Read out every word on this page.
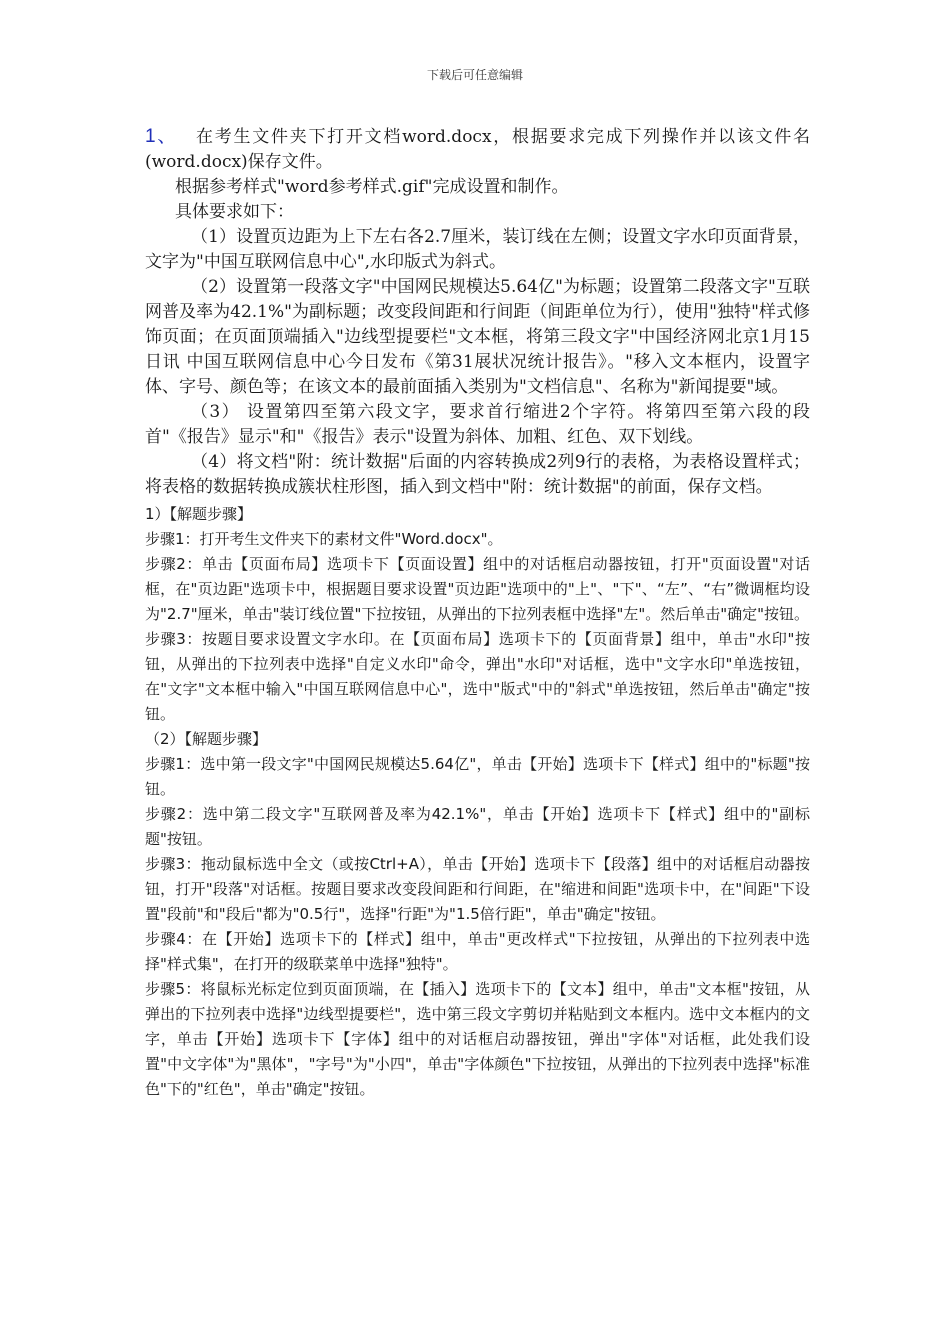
下载后可任意编辑

1、 在考生文件夹下打开文档word.docx，根据要求完成下列操作并以该文件名(word.docx)保存文件。

根据参考样式"word参考样式.gif"完成设置和制作。

具体要求如下：

（1）设置页边距为上下左右各2.7厘米，装订线在左侧；设置文字水印页面背景，文字为"中国互联网信息中心",水印版式为斜式。

（2）设置第一段落文字"中国网民规模达5.64亿"为标题；设置第二段落文字"互联网普及率为42.1%"为副标题；改变段间距和行间距（间距单位为行），使用"独特"样式修饰页面；在页面顶端插入"边线型提要栏"文本框，将第三段文字"中国经济网北京1月15日讯 中国互联网信息中心今日发布《第31展状况统计报告》。"移入文本框内，设置字体、字号、颜色等；在该文本的最前面插入类别为"文档信息"、名称为"新闻提要"域。

（3） 设置第四至第六段文字，要求首行缩进2个字符。将第四至第六段的段首"《报告》显示"和"《报告》表示"设置为斜体、加粗、红色、双下划线。

（4）将文档"附：统计数据"后面的内容转换成2列9行的表格，为表格设置样式；将表格的数据转换成簇状柱形图，插入到文档中"附：统计数据"的前面，保存文档。

1）【解题步骤】

步骤1：打开考生文件夹下的素材文件"Word.docx"。

步骤2：单击【页面布局】选项卡下【页面设置】组中的对话框启动器按钮，打开"页面设置"对话框，在"页边距"选项卡中，根据题目要求设置"页边距"选项中的"上"、"下"、“左”、“右”微调框均设为"2.7"厘米，单击"装订线位置"下拉按钮，从弹出的下拉列表框中选择"左"。然后单击"确定"按钮。

步骤3：按题目要求设置文字水印。在【页面布局】选项卡下的【页面背景】组中，单击"水印"按钮，从弹出的下拉列表中选择"自定义水印"命令，弹出"水印"对话框，选中"文字水印"单选按钮，在"文字"文本框中输入"中国互联网信息中心"，选中"版式"中的"斜式"单选按钮，然后单击"确定"按钮。

（2）【解题步骤】

步骤1：选中第一段文字"中国网民规模达5.64亿"，单击【开始】选项卡下【样式】组中的"标题"按钮。

步骤2：选中第二段文字"互联网普及率为42.1%"，单击【开始】选项卡下【样式】组中的"副标题"按钮。

步骤3：拖动鼠标选中全文（或按Ctrl+A），单击【开始】选项卡下【段落】组中的对话框启动器按钮，打开"段落"对话框。按题目要求改变段间距和行间距，在"缩进和间距"选项卡中，在"间距"下设置"段前"和"段后"都为"0.5行"，选择"行距"为"1.5倍行距"，单击"确定"按钮。

步骤4：在【开始】选项卡下的【样式】组中，单击"更改样式"下拉按钮，从弹出的下拉列表中选择"样式集"，在打开的级联菜单中选择"独特"。

步骤5：将鼠标光标定位到页面顶端，在【插入】选项卡下的【文本】组中，单击"文本框"按钮，从弹出的下拉列表中选择"边线型提要栏"，选中第三段文字剪切并粘贴到文本框内。选中文本框内的文字，单击【开始】选项卡下【字体】组中的对话框启动器按钮，弹出"字体"对话框，此处我们设置"中文字体"为"黑体"，"字号"为"小四"，单击"字体颜色"下拉按钮，从弹出的下拉列表中选择"标准色"下的"红色"，单击"确定"按钮。
